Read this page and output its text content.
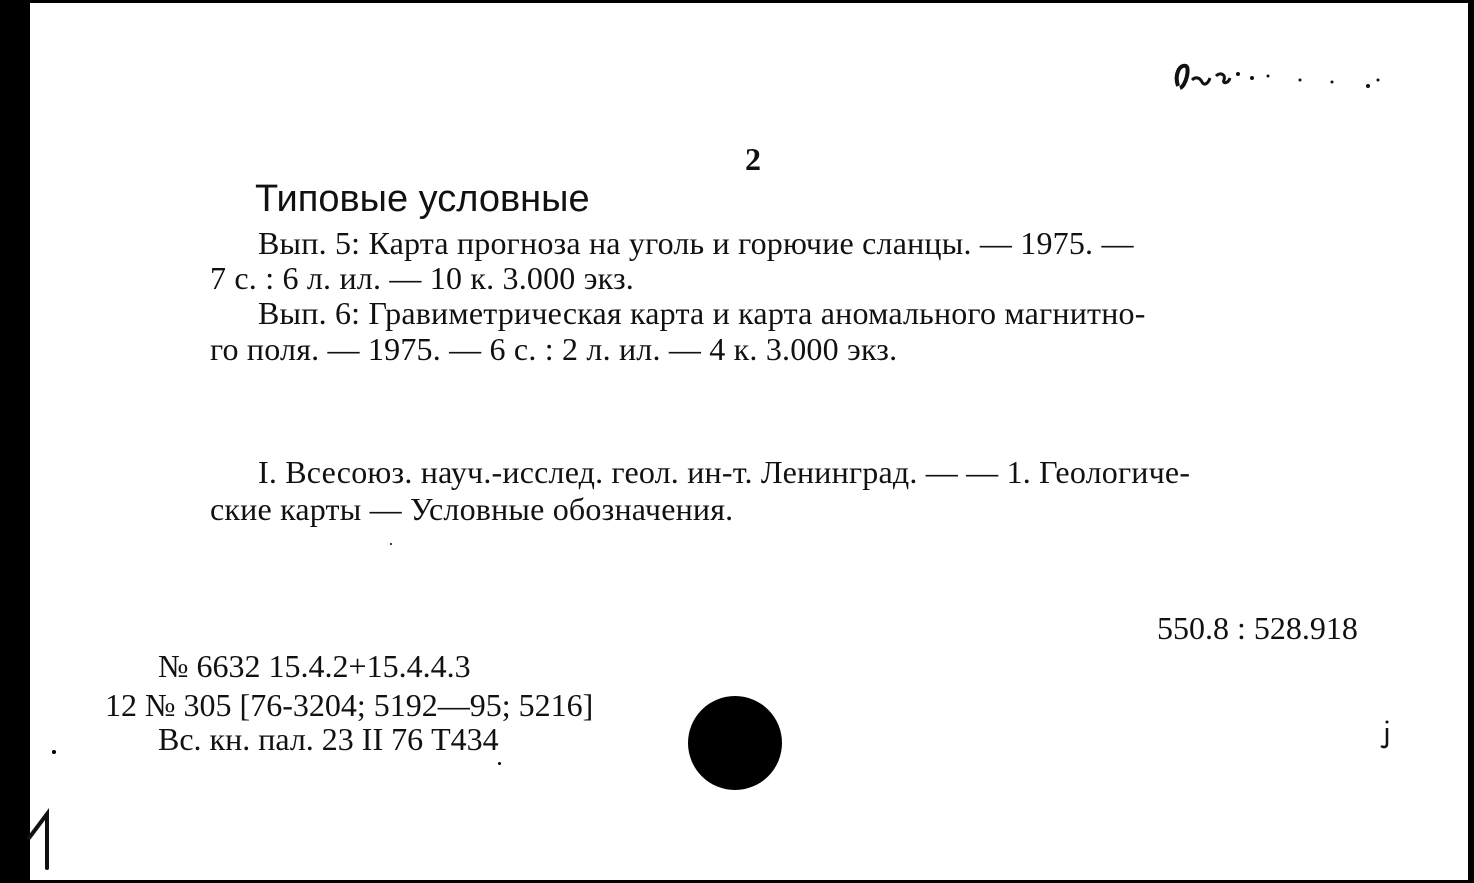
2
Типовые условные
Вып. 5: Карта прогноза на уголь и горючие сланцы. — 1975. —
7 с. : 6 л. ил. — 10 к. 3.000 экз.
Вып. 6: Гравиметрическая карта и карта аномального магнитно-
го поля. — 1975. — 6 с. : 2 л. ил. — 4 к. 3.000 экз.
I. Всесоюз. науч.-исслед. геол. ин-т. Ленинград. — — 1. Геологиче-
ские карты — Условные обозначения.
550.8 : 528.918
№ 6632 15.4.2+15.4.4.3
12 № 305 [76-3204; 5192—95; 5216]
Вс. кн. пал. 23 II 76 Т434
